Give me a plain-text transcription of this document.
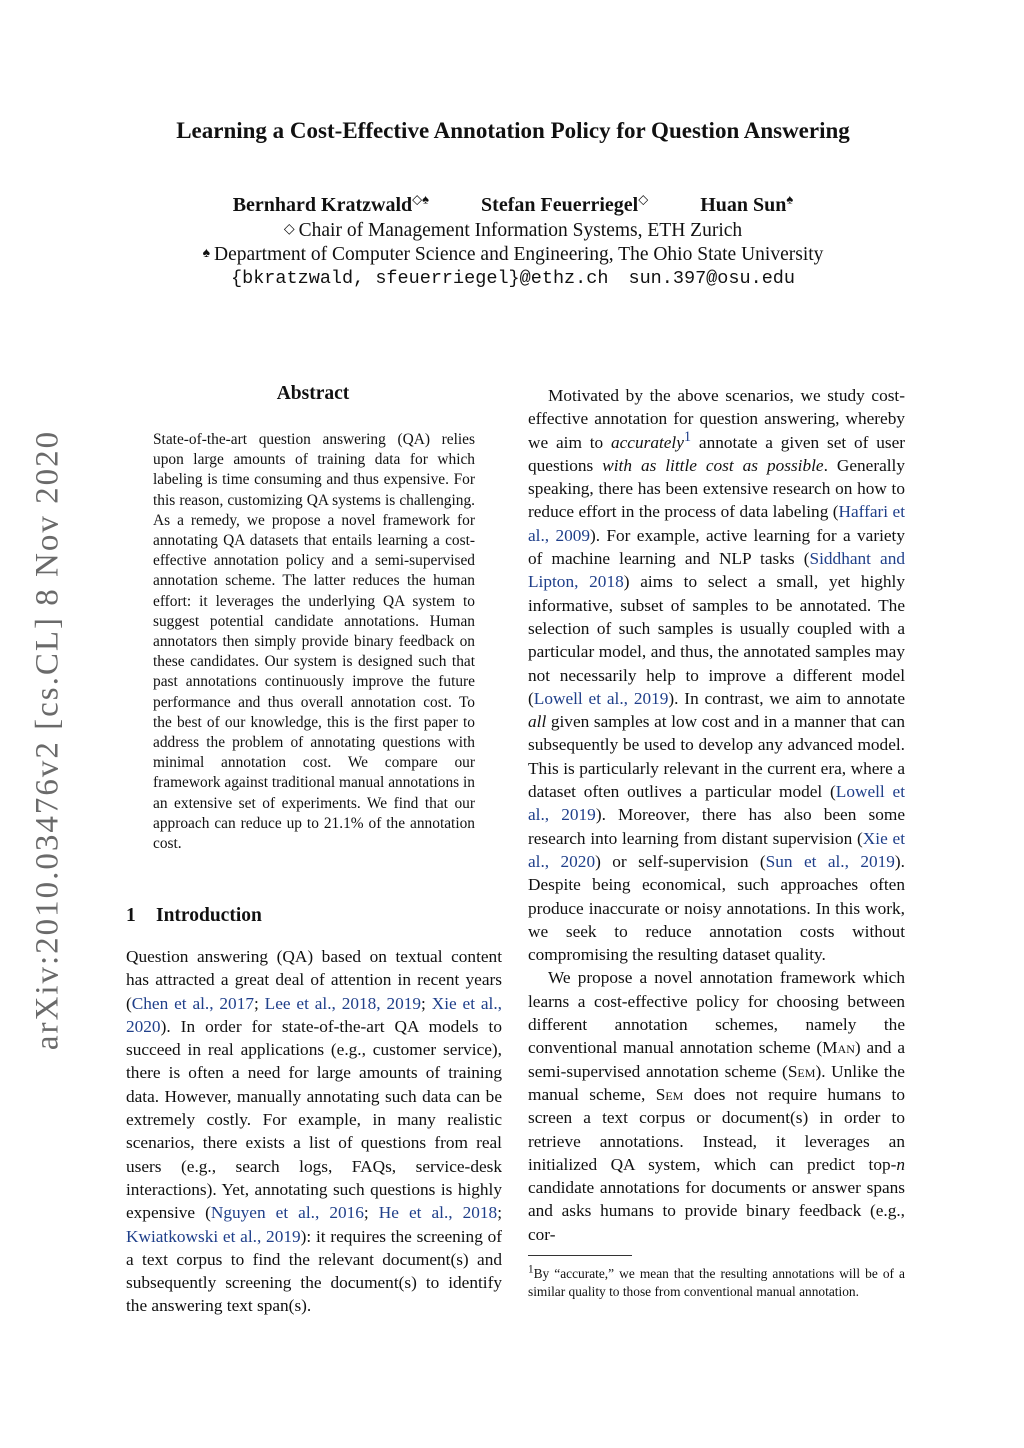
arXiv:2010.03476v2 [cs.CL] 8 Nov 2020
Learning a Cost-Effective Annotation Policy for Question Answering
Bernhard Kratzwald◇♠	Stefan Feuerriegel◇	Huan Sun♠
◇ Chair of Management Information Systems, ETH Zurich
♠ Department of Computer Science and Engineering, The Ohio State University
{bkratzwald, sfeuerriegel}@ethz.ch sun.397@osu.edu
Abstract
State-of-the-art question answering (QA) relies upon large amounts of training data for which labeling is time consuming and thus expensive. For this reason, customizing QA systems is challenging. As a remedy, we propose a novel framework for annotating QA datasets that entails learning a cost-effective annotation policy and a semi-supervised annotation scheme. The latter reduces the human effort: it leverages the underlying QA system to suggest potential candidate annotations. Human annotators then simply provide binary feedback on these candidates. Our system is designed such that past annotations continuously improve the future performance and thus overall annotation cost. To the best of our knowledge, this is the first paper to address the problem of annotating questions with minimal annotation cost. We compare our framework against traditional manual annotations in an extensive set of experiments. We find that our approach can reduce up to 21.1% of the annotation cost.
1 Introduction

Question answering (QA) based on textual content has attracted a great deal of attention in recent years (Chen et al., 2017; Lee et al., 2018, 2019; Xie et al., 2020). In order for state-of-the-art QA models to succeed in real applications (e.g., customer service), there is often a need for large amounts of training data. However, manually annotating such data can be extremely costly. For example, in many realistic scenarios, there exists a list of questions from real users (e.g., search logs, FAQs, service-desk interactions). Yet, annotating such questions is highly expensive (Nguyen et al., 2016; He et al., 2018; Kwiatkowski et al., 2019): it requires the screening of a text corpus to find the relevant document(s) and subsequently screening the document(s) to identify the answering text span(s).

Motivated by the above scenarios, we study cost-effective annotation for question answering, whereby we aim to accurately$^1$ annotate a given set of user questions with as little cost as possible. Generally speaking, there has been extensive research on how to reduce effort in the process of data labeling (Haffari et al., 2009). For example, active learning for a variety of machine learning and NLP tasks (Siddhant and Lipton, 2018) aims to select a small, yet highly informative, subset of samples to be annotated. The selection of such samples is usually coupled with a particular model, and thus, the annotated samples may not necessarily help to improve a different model (Lowell et al., 2019). In contrast, we aim to annotate all given samples at low cost and in a manner that can subsequently be used to develop any advanced model. This is particularly relevant in the current era, where a dataset often outlives a particular model (Lowell et al., 2019). Moreover, there has also been some research into learning from distant supervision (Xie et al., 2020) or self-supervision (Sun et al., 2019). Despite being economical, such approaches often produce inaccurate or noisy annotations. In this work, we seek to reduce annotation costs without compromising the resulting dataset quality.

We propose a novel annotation framework which learns a cost-effective policy for choosing between different annotation schemes, namely the conventional manual annotation scheme (Man) and a semi-supervised annotation scheme (Sem). Unlike the manual scheme, Sem does not require humans to screen a text corpus or document(s) in order to retrieve annotations. Instead, it leverages an initialized QA system, which can predict top-n candidate annotations for documents or answer spans and asks humans to provide binary feedback (e.g., cor-

$^1$By “accurate,” we mean that the resulting annotations will be of a similar quality to those from conventional manual annotation.
